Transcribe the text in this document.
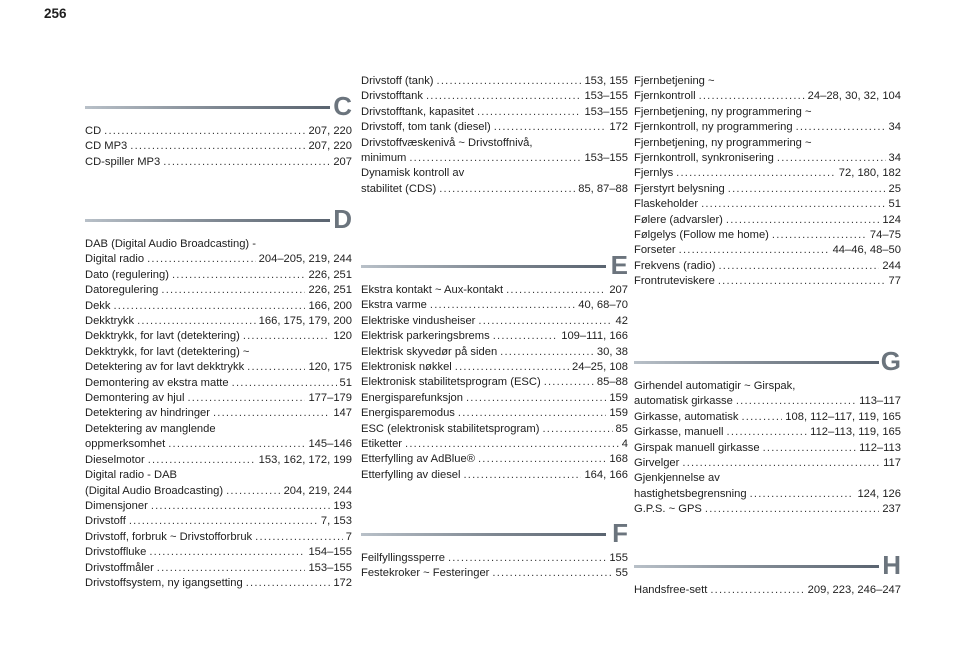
256
C
CD .....	207, 220
CD MP3 .....	207, 220
CD-spiller MP3 .....	207
D
DAB (Digital Audio Broadcasting) -
Digital radio .....	204–205, 219, 244
Dato (regulering) .....	226, 251
Datoregulering .....	226, 251
Dekk .....	166, 200
Dekktrykk .....	166, 175, 179, 200
Dekktrykk, for lavt (detektering) .....	120
Dekktrykk, for lavt (detektering) ~
Detektering av for lavt dekktrykk .....	120, 175
Demontering av ekstra matte .....	51
Demontering av hjul .....	177–179
Detektering av hindringer .....	147
Detektering av manglende
oppmerksomhet .....	145–146
Dieselmotor .....	153, 162, 172, 199
Digital radio - DAB
(Digital Audio Broadcasting) .....	204, 219, 244
Dimensjoner .....	193
Drivstoff .....	7, 153
Drivstoff, forbruk ~ Drivstofforbruk .....	7
Drivstoffluke .....	154–155
Drivstoffmåler .....	153–155
Drivstoffsystem, ny igangsetting .....	172
Drivstoff (tank) .....	153, 155
Drivstofftank .....	153–155
Drivstofftank, kapasitet .....	153–155
Drivstoff, tom tank (diesel) .....	172
Drivstoffvæskenivå ~ Drivstoffnivå,
minimum .....	153–155
Dynamisk kontroll av
stabilitet (CDS) .....	85, 87–88
E
Ekstra kontakt ~ Aux-kontakt .....	207
Ekstra varme .....	40, 68–70
Elektriske vindusheiser .....	42
Elektrisk parkeringsbrems .....	109–111, 166
Elektrisk skyvedør på siden .....	30, 38
Elektronisk nøkkel .....	24–25, 108
Elektronisk stabilitetsprogram (ESC) .....	85–88
Energisparefunksjon .....	159
Energisparemodus .....	159
ESC (elektronisk stabilitetsprogram) .....	85
Etiketter .....	4
Etterfylling av AdBlue® .....	168
Etterfylling av diesel .....	164, 166
F
Feilfyllingssperre .....	155
Festekroker ~ Festeringer .....	55
Fjernbetjening ~
Fjernkontroll .....	24–28, 30, 32, 104
Fjernbetjening, ny programmering ~
Fjernkontroll, ny programmering .....	34
Fjernbetjening, ny programmering ~
Fjernkontroll, synkronisering .....	34
Fjernlys .....	72, 180, 182
Fjerstyrt belysning .....	25
Flaskeholder .....	51
Følere (advarsler) .....	124
Følgelys (Follow me home) .....	74–75
Forseter .....	44–46, 48–50
Frekvens (radio) .....	244
Frontruteviskere .....	77
G
Girhendel automatigir ~ Girspak,
automatisk girkasse .....	113–117
Girkasse, automatisk .....	108, 112–117, 119, 165
Girkasse, manuell .....	112–113, 119, 165
Girspak manuell girkasse .....	112–113
Girvelger .....	117
Gjenkjennelse av
hastighetsbegrensning .....	124, 126
G.P.S. ~ GPS .....	237
H
Handsfree-sett .....	209, 223, 246–247
